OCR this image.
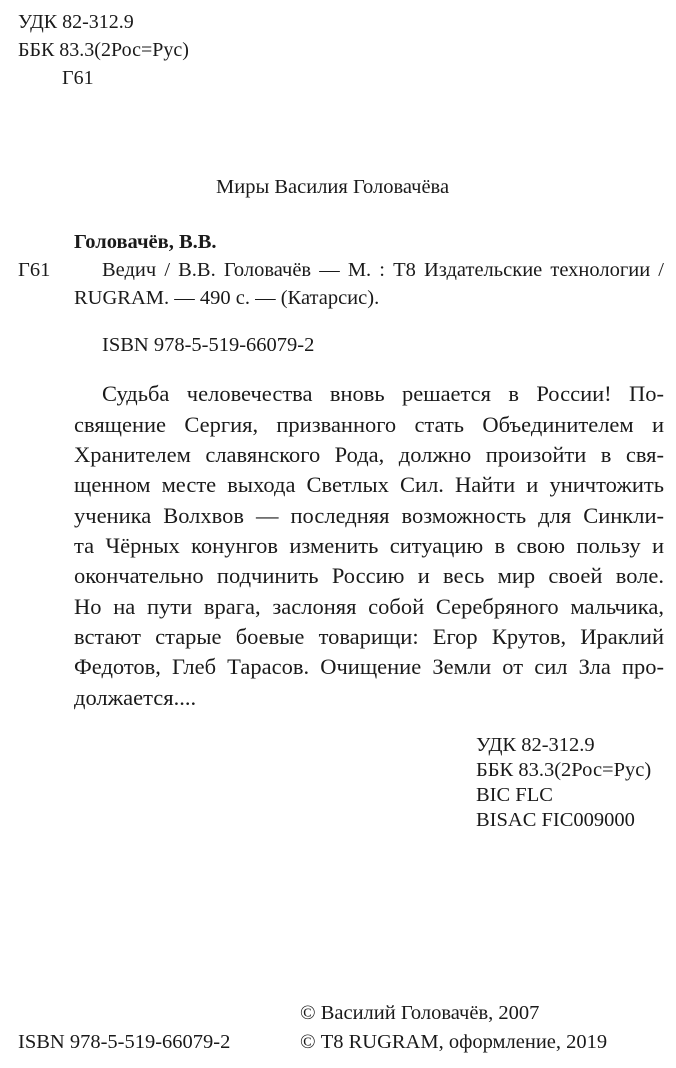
УДК 82-312.9
ББК 83.3(2Рос=Рус)
Г61
Миры Василия Головачёва
Головачёв, В.В.
Г61	Ведич / В.В. Головачёв — М. : Т8 Издательские технологии /
RUGRAM. — 490 с. — (Катарсис).
ISBN 978-5-519-66079-2
Судьба человечества вновь решается в России! По-
священие Сергия, призванного стать Объединителем и
Хранителем славянского Рода, должно произойти в свя-
щенном месте выхода Светлых Сил. Найти и уничтожить
ученика Волхвов — последняя возможность для Синкли-
та Чёрных конунгов изменить ситуацию в свою пользу и
окончательно подчинить Россию и весь мир своей воле.
Но на пути врага, заслоняя собой Серебряного мальчика,
встают старые боевые товарищи: Егор Крутов, Ираклий
Федотов, Глеб Тарасов. Очищение Земли от сил Зла про-
должается....
УДК 82-312.9
ББК 83.3(2Рос=Рус)
BIC FLC
BISAC FIC009000
© Василий Головачёв, 2007
ISBN 978-5-519-66079-2	© Т8 RUGRAM, оформление, 2019
